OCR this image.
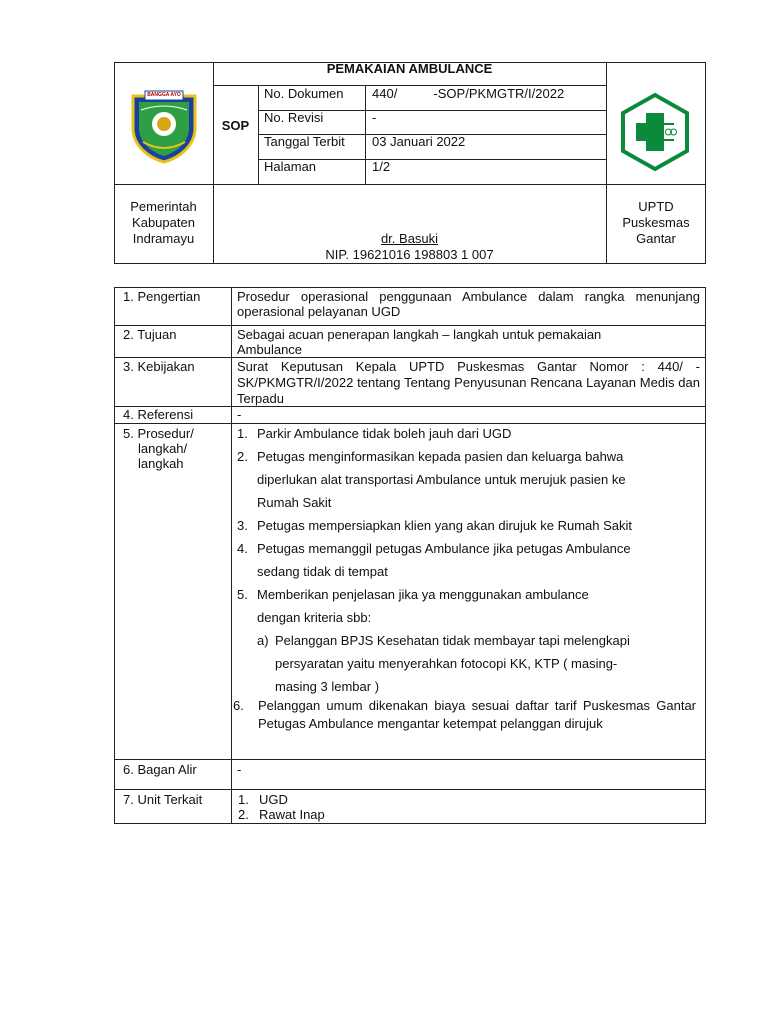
BANGGA AYO
PEMAKAIAN AMBULANCE
SOP
No. Dokumen 440/          -SOP/PKMGTR/I/2022
No. Revisi	-
Tanggal Terbit 03 Januari 2022
Halaman	1/2
Pemerintah
Kabupaten
Indramayu	dr. Basuki
NIP. 19621016 198803 1 007
UPTD
Puskesmas
Gantar
1. Pengertian	Prosedur operasional penggunaan Ambulance dalam rangka menunjang operasional pelayanan UGD
2. Tujuan	Sebagai acuan penerapan langkah – langkah untuk pemakaian Ambulance
3. Kebijakan	Surat Keputusan Kepala UPTD Puskesmas Gantar Nomor : 440/ -SK/PKMGTR/I/2022 tentang Tentang Penyusunan Rencana Layanan Medis dan Terpadu
4. Referensi	-
5. Prosedur/
langkah/
langkah
1. Parkir Ambulance tidak boleh jauh dari UGD
2. Petugas menginformasikan kepada pasien dan keluarga bahwa
diperlukan alat transportasi Ambulance untuk merujuk pasien ke
Rumah Sakit
3. Petugas mempersiapkan klien yang akan dirujuk ke Rumah Sakit
4. Petugas memanggil petugas Ambulance jika petugas Ambulance
sedang tidak di tempat
5. Memberikan penjelasan jika ya menggunakan ambulance
dengan kriteria sbb:
a) Pelanggan BPJS Kesehatan tidak membayar tapi melengkapi
persyaratan yaitu menyerahkan fotocopi KK, KTP ( masing-
masing 3 lembar )
6. Pelanggan umum dikenakan biaya sesuai daftar tarif Puskesmas Gantar Petugas Ambulance mengantar ketempat pelanggan dirujuk
6. Bagan Alir	-
7. Unit Terkait	1. UGD
2. Rawat Inap
